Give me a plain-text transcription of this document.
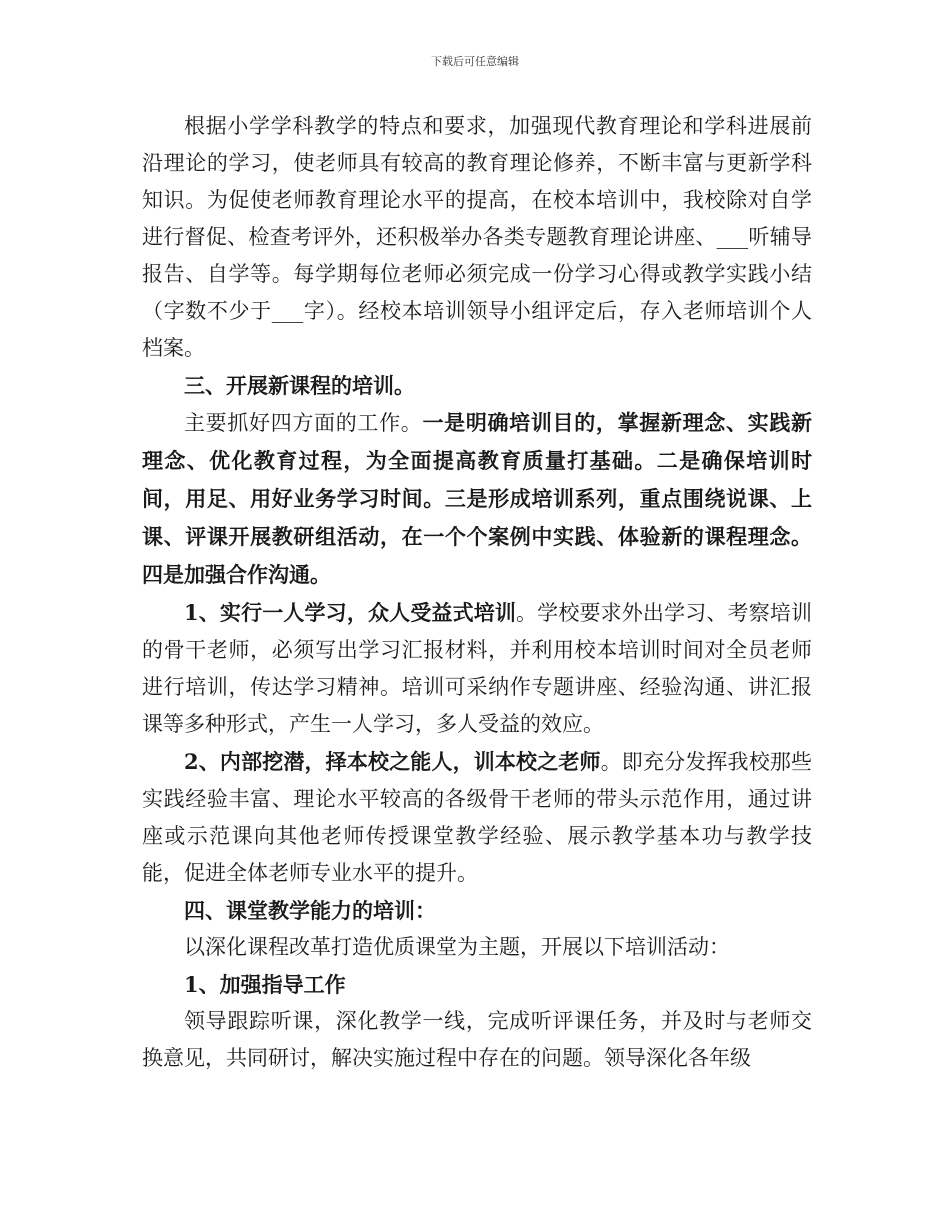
下载后可任意编辑

根据小学学科教学的特点和要求，加强现代教育理论和学科进展前沿理论的学习，使老师具有较高的教育理论修养，不断丰富与更新学科知识。为促使老师教育理论水平的提高，在校本培训中，我校除对自学进行督促、检查考评外，还积极举办各类专题教育理论讲座、___听辅导报告、自学等。每学期每位老师必须完成一份学习心得或教学实践小结（字数不少于___字）。经校本培训领导小组评定后，存入老师培训个人档案。

三、开展新课程的培训。

主要抓好四方面的工作。一是明确培训目的，掌握新理念、实践新理念、优化教育过程，为全面提高教育质量打基础。二是确保培训时间，用足、用好业务学习时间。三是形成培训系列，重点围绕说课、上课、评课开展教研组活动，在一个个案例中实践、体验新的课程理念。四是加强合作沟通。

1、实行一人学习，众人受益式培训。学校要求外出学习、考察培训的骨干老师，必须写出学习汇报材料，并利用校本培训时间对全员老师进行培训，传达学习精神。培训可采纳作专题讲座、经验沟通、讲汇报课等多种形式，产生一人学习，多人受益的效应。

2、内部挖潜，择本校之能人，训本校之老师。即充分发挥我校那些实践经验丰富、理论水平较高的各级骨干老师的带头示范作用，通过讲座或示范课向其他老师传授课堂教学经验、展示教学基本功与教学技能，促进全体老师专业水平的提升。

四、课堂教学能力的培训：

以深化课程改革打造优质课堂为主题，开展以下培训活动：

1、加强指导工作

领导跟踪听课，深化教学一线，完成听评课任务，并及时与老师交换意见，共同研讨，解决实施过程中存在的问题。领导深化各年级
